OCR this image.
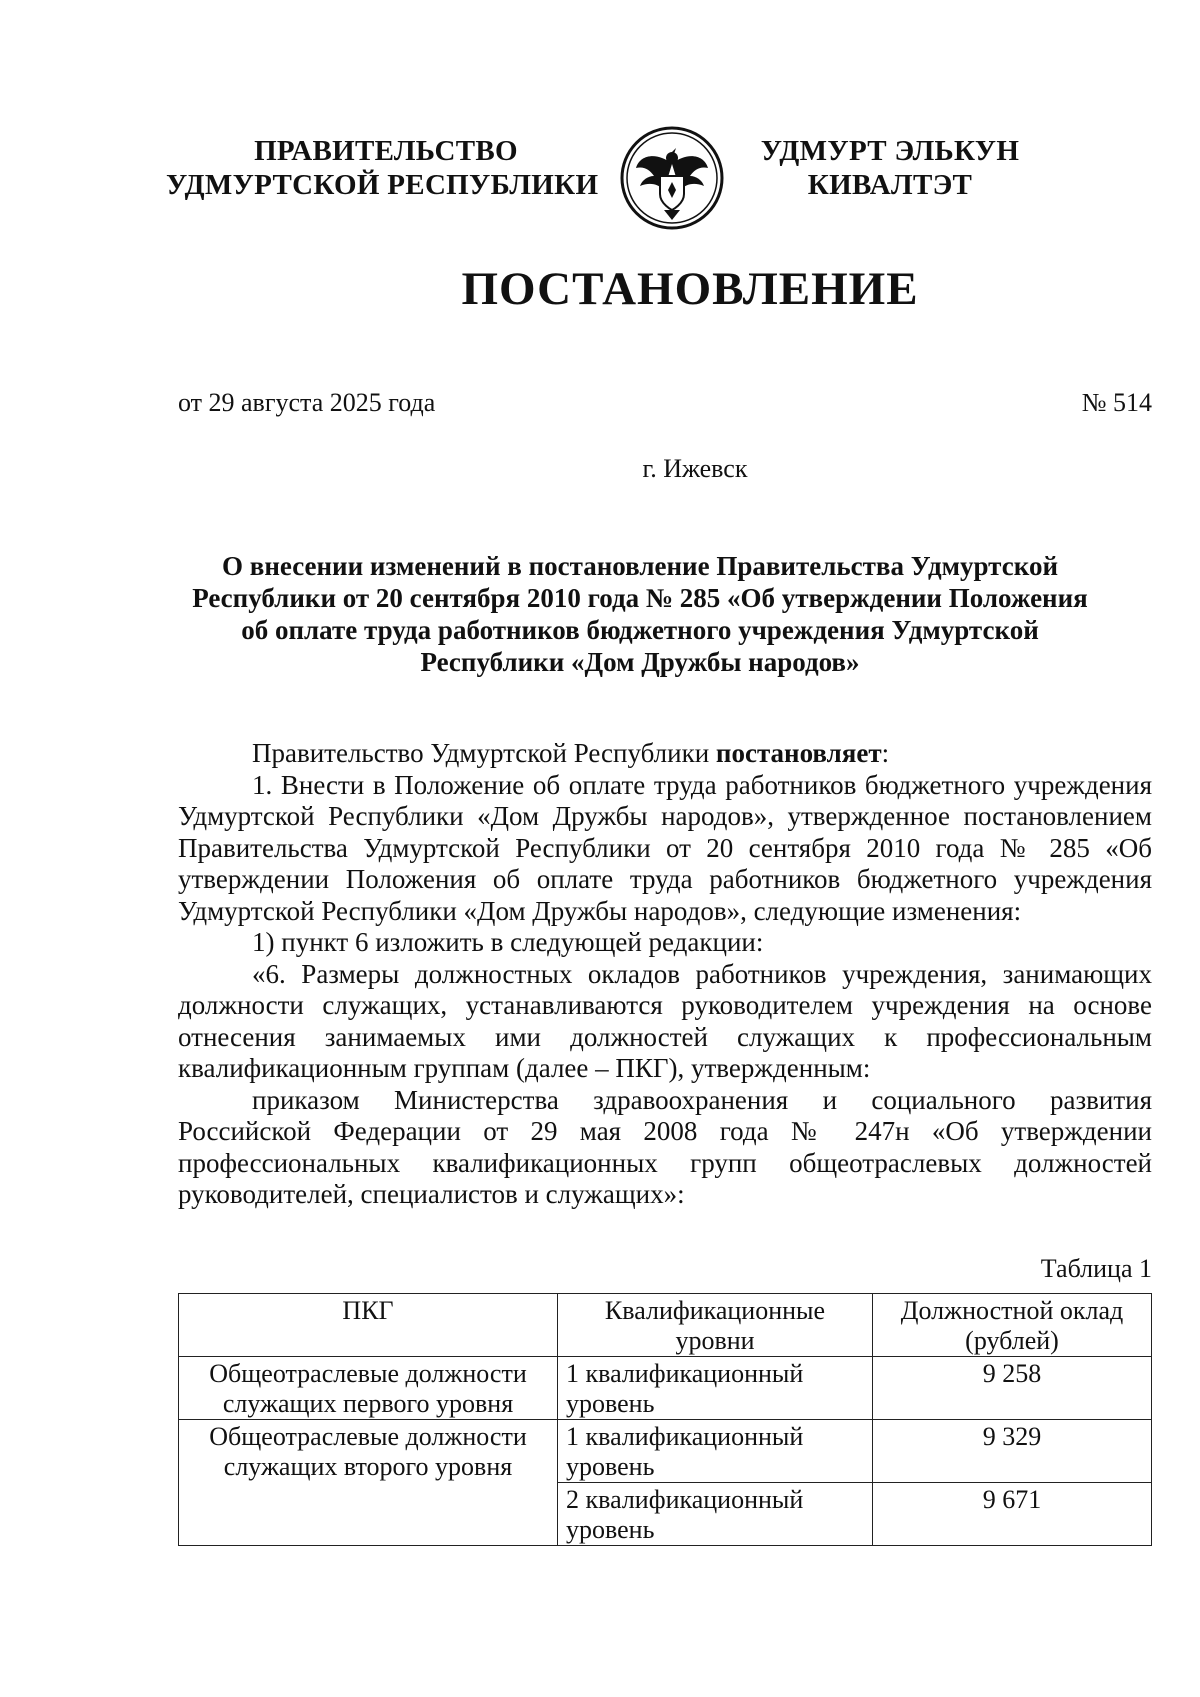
ПРАВИТЕЛЬСТВО
УДМУРТСКОЙ РЕСПУБЛИКИ
УДМУРТ ЭЛЬКУН
КИВАЛТЭТ
ПОСТАНОВЛЕНИЕ
от 29 августа 2025 года	№ 514
г. Ижевск
О внесении изменений в постановление Правительства Удмуртской
Республики от 20 сентября 2010 года № 285 «Об утверждении Положения
об оплате труда работников бюджетного учреждения Удмуртской
Республики «Дом Дружбы народов»

Правительство Удмуртской Республики постановляет:

1. Внести в Положение об оплате труда работников бюджетного учреждения Удмуртской Республики «Дом Дружбы народов», утвержденное постановлением Правительства Удмуртской Республики от 20 сентября 2010 года № 285 «Об утверждении Положения об оплате труда работников бюджетного учреждения Удмуртской Республики «Дом Дружбы народов», следующие изменения:

1) пункт 6 изложить в следующей редакции:

«6. Размеры должностных окладов работников учреждения, занимающих должности служащих, устанавливаются руководителем учреждения на основе отнесения занимаемых ими должностей служащих к профессиональным квалификационным группам (далее – ПКГ), утвержденным:

приказом Министерства здравоохранения и социального развития Российской Федерации от 29 мая 2008 года № 247н «Об утверждении профессиональных квалификационных групп общеотраслевых должностей руководителей, специалистов и служащих»:

Таблица 1
ПКГ	Квалификационные уровни	Должностной оклад (рублей)
Общеотраслевые должности служащих первого уровня	1 квалификационный уровень	9 258
Общеотраслевые должности служащих второго уровня	1 квалификационный уровень	9 329
	2 квалификационный уровень	9 671
